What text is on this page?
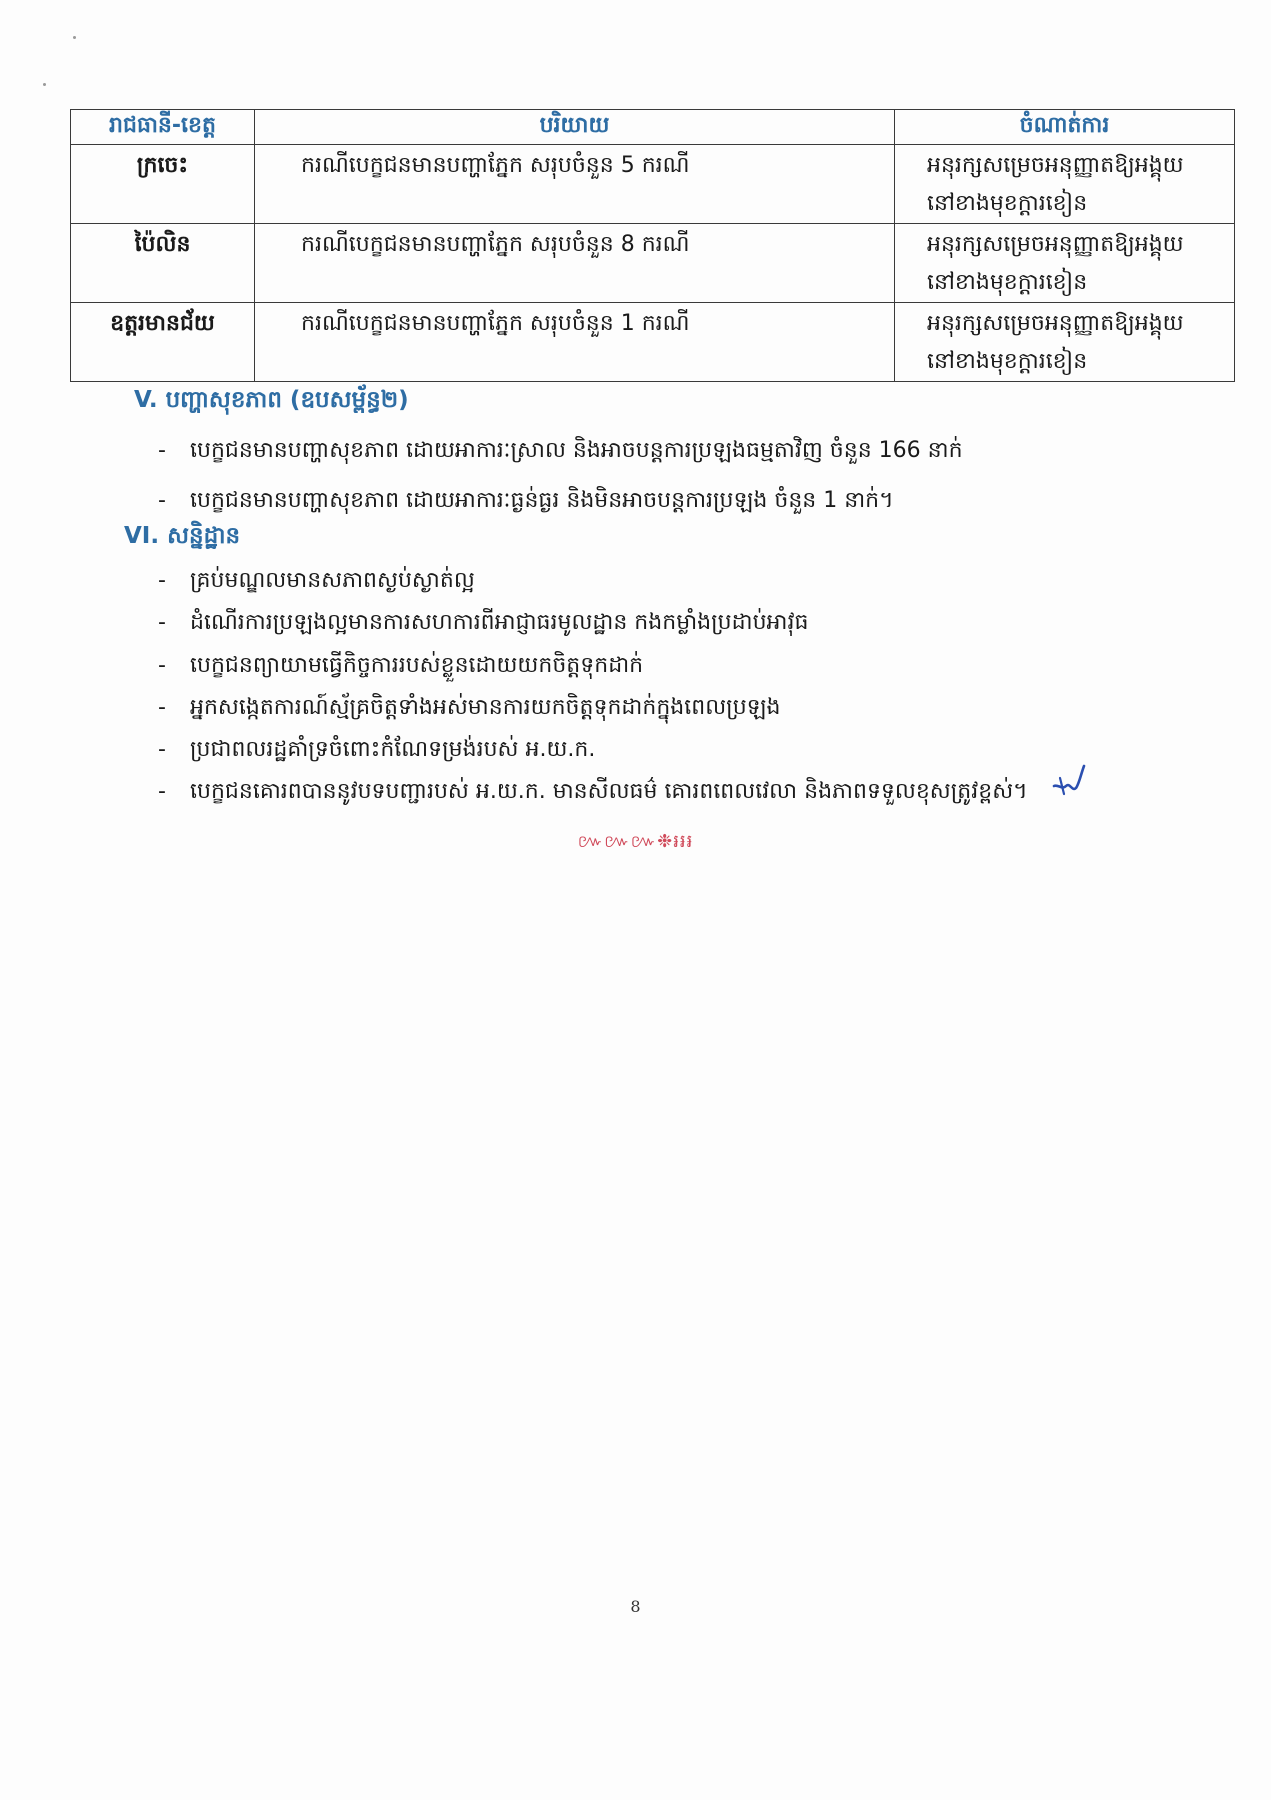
រាជធានី-ខេត្ត	បរិយាយ	ចំណាត់ការ
ក្រចេះ	ករណីបេក្ខជនមានបញ្ហាភ្នែក សរុបចំនួន 5 ករណី	អនុរក្សសម្រេចអនុញ្ញាតឱ្យអង្គុយ
នៅខាងមុខក្ដារខៀន

ប៉ៃលិន	ករណីបេក្ខជនមានបញ្ហាភ្នែក សរុបចំនួន 8 ករណី	អនុរក្សសម្រេចអនុញ្ញាតឱ្យអង្គុយ
នៅខាងមុខក្ដារខៀន

ឧត្តរមានជ័យ	ករណីបេក្ខជនមានបញ្ហាភ្នែក សរុបចំនួន 1 ករណី	អនុរក្សសម្រេចអនុញ្ញាតឱ្យអង្គុយ
នៅខាងមុខក្ដារខៀន
V. បញ្ហាសុខភាព (ឧបសម្ព័ន្ធ២)
- បេក្ខជនមានបញ្ហាសុខភាព ដោយអាការៈស្រាល និងអាចបន្តការប្រឡងធម្មតាវិញ ចំនួន 166 នាក់
- បេក្ខជនមានបញ្ហាសុខភាព ដោយអាការៈធ្ងន់ធ្ងរ និងមិនអាចបន្តការប្រឡង ចំនួន 1 នាក់។
VI. សន្និដ្ឋាន
- គ្រប់មណ្ឌលមានសភាពស្ងប់ស្ងាត់ល្អ
- ដំណើរការប្រឡងល្អមានការសហការពីអាជ្ញាធរមូលដ្ឋាន កងកម្លាំងប្រដាប់អាវុធ
- បេក្ខជនព្យាយាមធ្វើកិច្ចការរបស់ខ្លួនដោយយកចិត្តទុកដាក់
- អ្នកសង្កេតការណ៍ស្ម័គ្រចិត្តទាំងអស់មានការយកចិត្តទុកដាក់ក្នុងពេលប្រឡង
- ប្រជាពលរដ្ឋគាំទ្រចំពោះកំណែទម្រង់របស់ អ.យ.ក.
- បេក្ខជនគោរពបាននូវបទបញ្ជារបស់ អ.យ.ក. មានសីលធម៌ គោរពពេលវេលា និងភាពទទួលខុសត្រូវខ្ពស់។
៚៚៚❉៛៛៛
8
